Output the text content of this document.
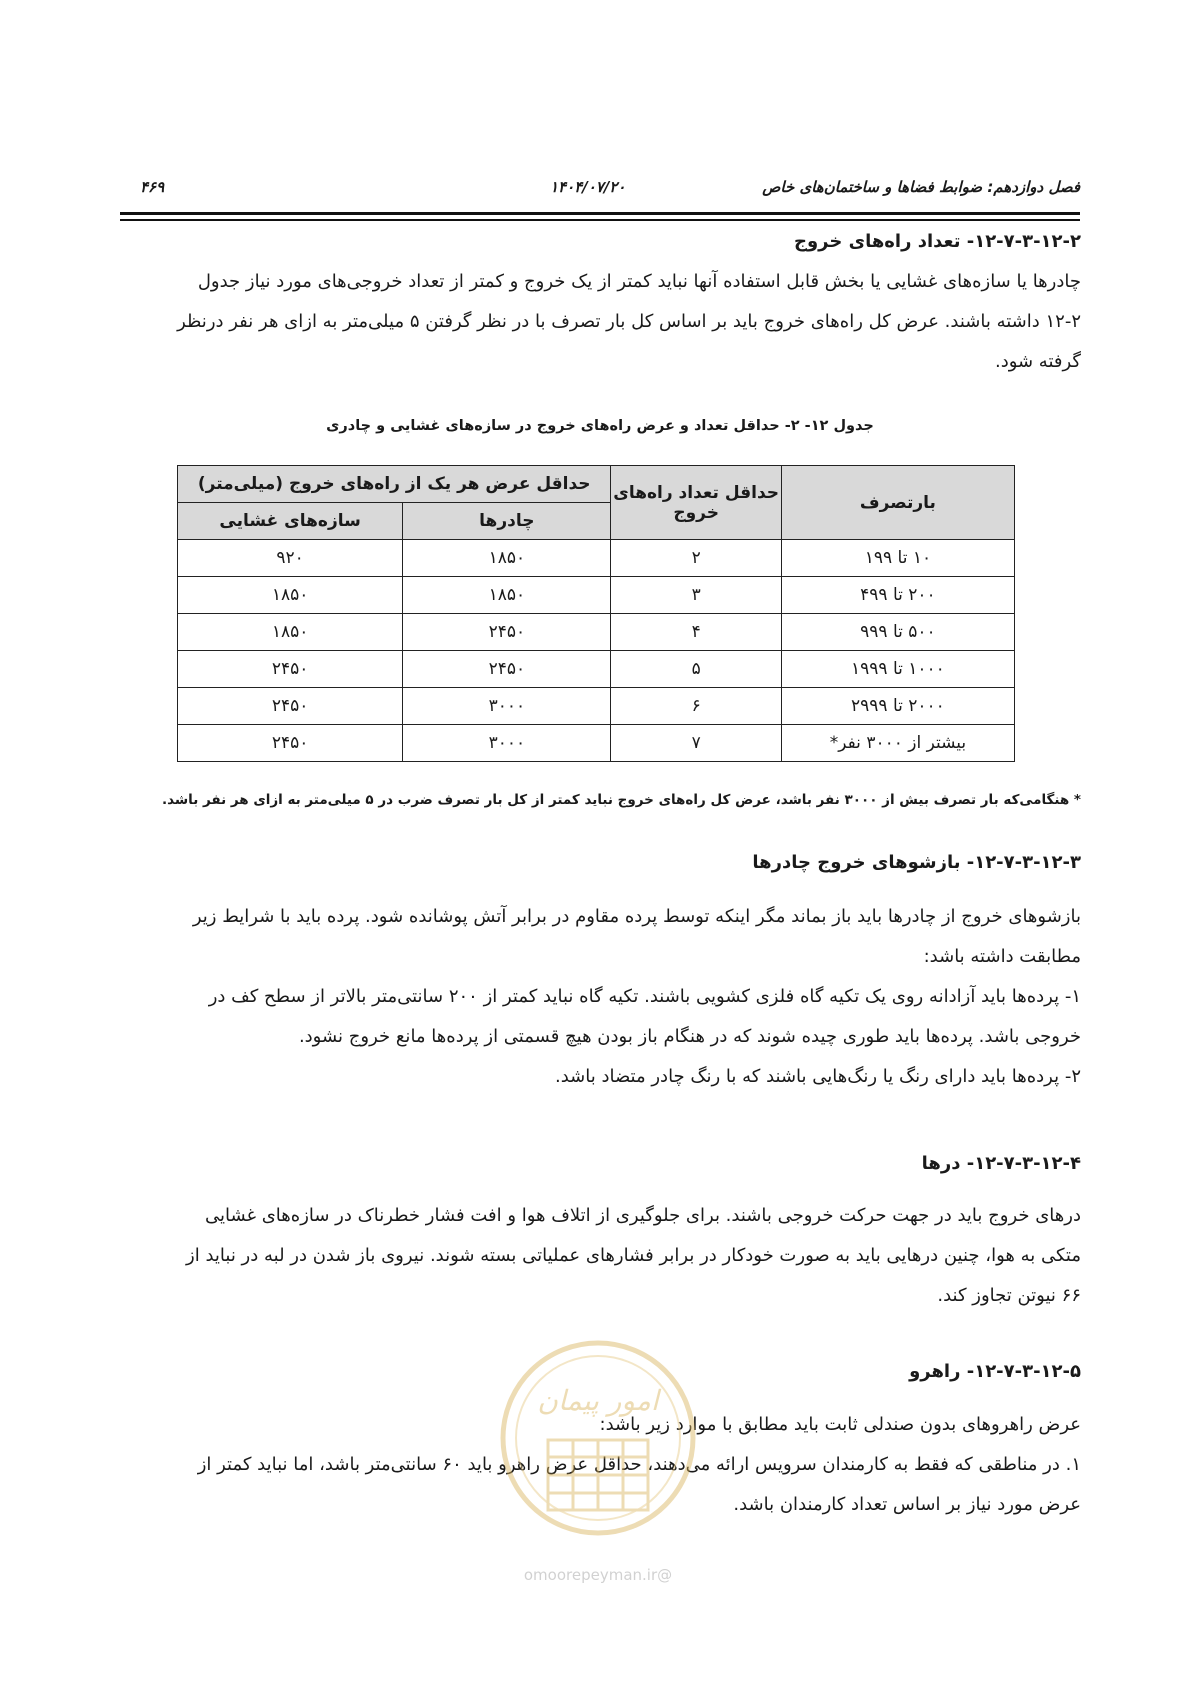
فصل دوازدهم: ضوابط فضاها و ساختمان‌های خاص
۱۴۰۴/۰۷/۲۰
۴۶۹
۱۲-۷-۳-۱۲-۲- تعداد راه‌های خروج

چادرها یا سازه‌های غشایی یا بخش قابل استفاده آنها نباید کمتر از یک خروج و کمتر از تعداد خروجی‌های مورد نیاز جدول

۱۲-۲ داشته باشند. عرض کل راه‌های خروج باید بر اساس کل بار تصرف با در نظر گرفتن ۵ میلی‌متر به ازای هر نفر درنظر

گرفته شود.

جدول ۱۲- ۲- حداقل تعداد و عرض راه‌های خروج در سازه‌های غشایی و چادری
بارتصرف	حداقل تعداد راه‌های خروج	حداقل عرض هر یک از راه‌های خروج (میلی‌متر)	
		چادرها	سازه‌های غشایی
۱۰ تا ۱۹۹	۲	۱۸۵۰	۹۲۰
۲۰۰ تا ۴۹۹	۳	۱۸۵۰	۱۸۵۰
۵۰۰ تا ۹۹۹	۴	۲۴۵۰	۱۸۵۰
۱۰۰۰ تا ۱۹۹۹	۵	۲۴۵۰	۲۴۵۰
۲۰۰۰ تا ۲۹۹۹	۶	۳۰۰۰	۲۴۵۰
بیشتر از ۳۰۰۰ نفر*	۷	۳۰۰۰	۲۴۵۰
* هنگامی‌که بار تصرف بیش از ۳۰۰۰ نفر باشد، عرض کل راه‌های خروج نباید کمتر از کل بار تصرف ضرب در ۵ میلی‌متر به ازای هر نفر باشد.
۱۲-۷-۳-۱۲-۳- بازشوهای خروج چادرها

بازشوهای خروج از چادرها باید باز بماند مگر اینکه توسط پرده مقاوم در برابر آتش پوشانده شود. پرده باید با شرایط زیر

مطابقت داشته باشد:

۱- پرده‌ها باید آزادانه روی یک تکیه گاه فلزی کشویی باشند. تکیه گاه نباید کمتر از ۲۰۰ سانتی‌متر بالاتر از سطح کف در

خروجی باشد. پرده‌ها باید طوری چیده شوند که در هنگام باز بودن هیچ قسمتی از پرده‌ها مانع خروج نشود.

۲- پرده‌ها باید دارای رنگ یا رنگ‌هایی باشند که با رنگ چادر متضاد باشد.

۱۲-۷-۳-۱۲-۴- درها

درهای خروج باید در جهت حرکت خروجی باشند. برای جلوگیری از اتلاف هوا و افت فشار خطرناک در سازه‌های غشایی

متکی به هوا، چنین درهایی باید به صورت خودکار در برابر فشارهای عملیاتی بسته شوند. نیروی باز شدن در لبه در نباید از

۶۶ نیوتن تجاوز کند.

۱۲-۷-۳-۱۲-۵- راهرو

عرض راهروهای بدون صندلی ثابت باید مطابق با موارد زیر باشد:

۱. در مناطقی که فقط به کارمندان سرویس ارائه می‌دهند، حداقل عرض راهرو باید ۶۰ سانتی‌متر باشد، اما نباید کمتر از

عرض مورد نیاز بر اساس تعداد کارمندان باشد.

امور پیمان
@omoorepeyman.ir
